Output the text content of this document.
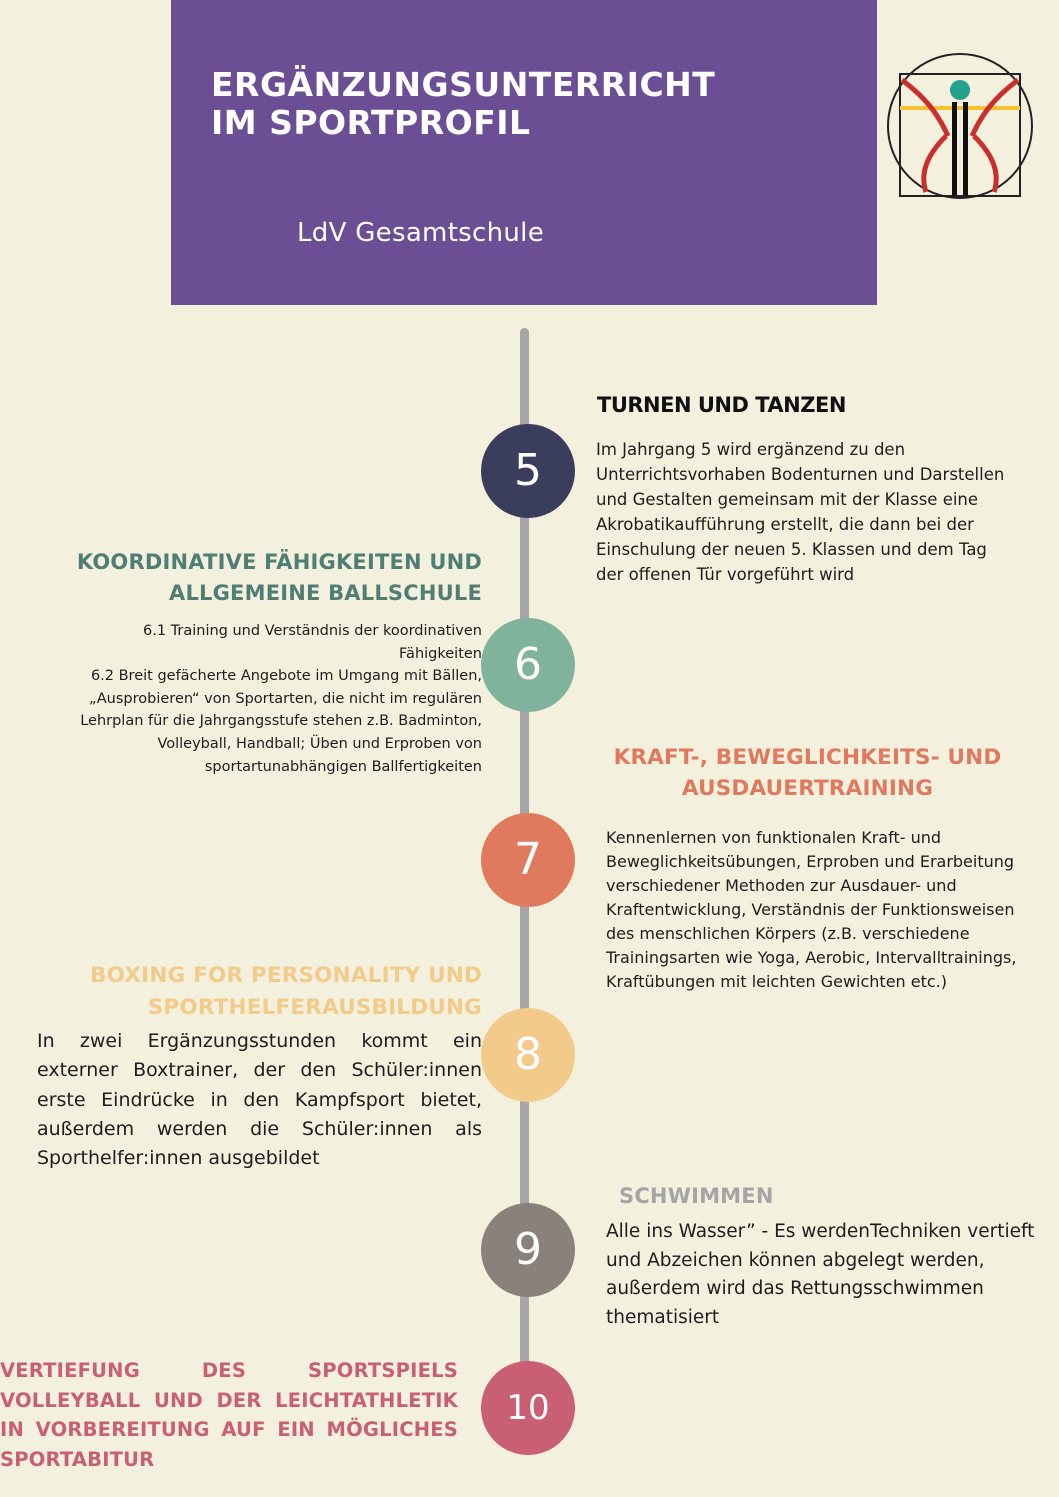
ERGÄNZUNGSUNTERRICHT
IM SPORTPROFIL
LdV Gesamtschule
5
TURNEN UND TANZEN

Im Jahrgang 5 wird ergänzend zu den Unterrichtsvorhaben Bodenturnen und Darstellen und Gestalten gemeinsam mit der Klasse eine Akrobatikaufführung erstellt, die dann bei der Einschulung der neuen 5. Klassen und dem Tag der offenen Tür vorgeführt wird

6
KOORDINATIVE FÄHIGKEITEN UND
ALLGEMEINE BALLSCHULE

6.1 Training und Verständnis der koordinativen Fähigkeiten

6.2 Breit gefächerte Angebote im Umgang mit Bällen, „Ausprobieren“ von Sportarten, die nicht im regulären Lehrplan für die Jahrgangsstufe stehen z.B. Badminton, Volleyball, Handball; Üben und Erproben von sportartunabhängigen Ballfertigkeiten

7
KRAFT-, BEWEGLICHKEITS- UND
AUSDAUERTRAINING

Kennenlernen von funktionalen Kraft- und Beweglichkeitsübungen, Erproben und Erarbeitung verschiedener Methoden zur Ausdauer- und Kraftentwicklung, Verständnis der Funktionsweisen des menschlichen Körpers (z.B. verschiedene Trainingsarten wie Yoga, Aerobic, Intervalltrainings, Kraftübungen mit leichten Gewichten etc.)

8
BOXING FOR PERSONALITY UND
SPORTHELFERAUSBILDUNG

In zwei Ergänzungsstunden kommt ein externer Boxtrainer, der den Schüler:innen erste Eindrücke in den Kampfsport bietet, außerdem werden die Schüler:innen als Sporthelfer:innen ausgebildet

9
SCHWIMMEN

Alle ins Wasser” - Es werdenTechniken vertieft und Abzeichen können abgelegt werden, außerdem wird das Rettungsschwimmen thematisiert

10
VERTIEFUNG DES SPORTSPIELS VOLLEYBALL UND DER LEICHTATHLETIK IN VORBEREITUNG AUF EIN MÖGLICHES SPORTABITUR
